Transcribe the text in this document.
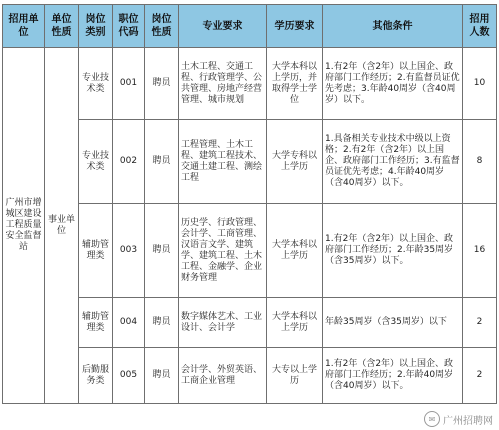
招用单位	单位性质	岗位类别	职位代码	岗位性质	专业要求	学历要求	其他条件	招用人数
广州市增城区建设工程质量安全监督站	事业单位	专业技术类	001	聘员	土木工程、交通工程、行政管理学、公共管理、房地产经营管理、城市规划	大学本科以上学历，并取得学士学位	1.有2年（含2年）以上国企、政府部门工作经历；2.有监督员证优先考虑；3.年龄40周岁（含40周岁）以下。	10
		专业技术类	002	聘员	工程管理、土木工程、建筑工程技术、交通土建工程、测绘工程	大学专科以上学历	1.具备相关专业技术中级以上资格；2.有2年（含2年）以上国企、政府部门工作经历；3.有监督员证优先考虑；4.年龄40周岁（含40周岁）以下。	8
		辅助管理类	003	聘员	历史学、行政管理、会计学、工商管理、汉语言文学、建筑学、建筑工程、土木工程、金融学、企业财务管理	大学本科以上学历	1.有2年（含2年）以上国企、政府部门工作经历；2.年龄35周岁（含35周岁）以下。	16
		辅助管理类	004	聘员	数字媒体艺术、工业设计、会计学	大学本科以上学历	年龄35周岁（含35周岁）以下	2
		后勤服务类	005	聘员	会计学、外贸英语、工商企业管理	大专以上学历	1.有2年（含2年）以上国企、政府部门工作经历；2.年龄40周岁（含40周岁）以下。	2
✉ 广州招聘网
